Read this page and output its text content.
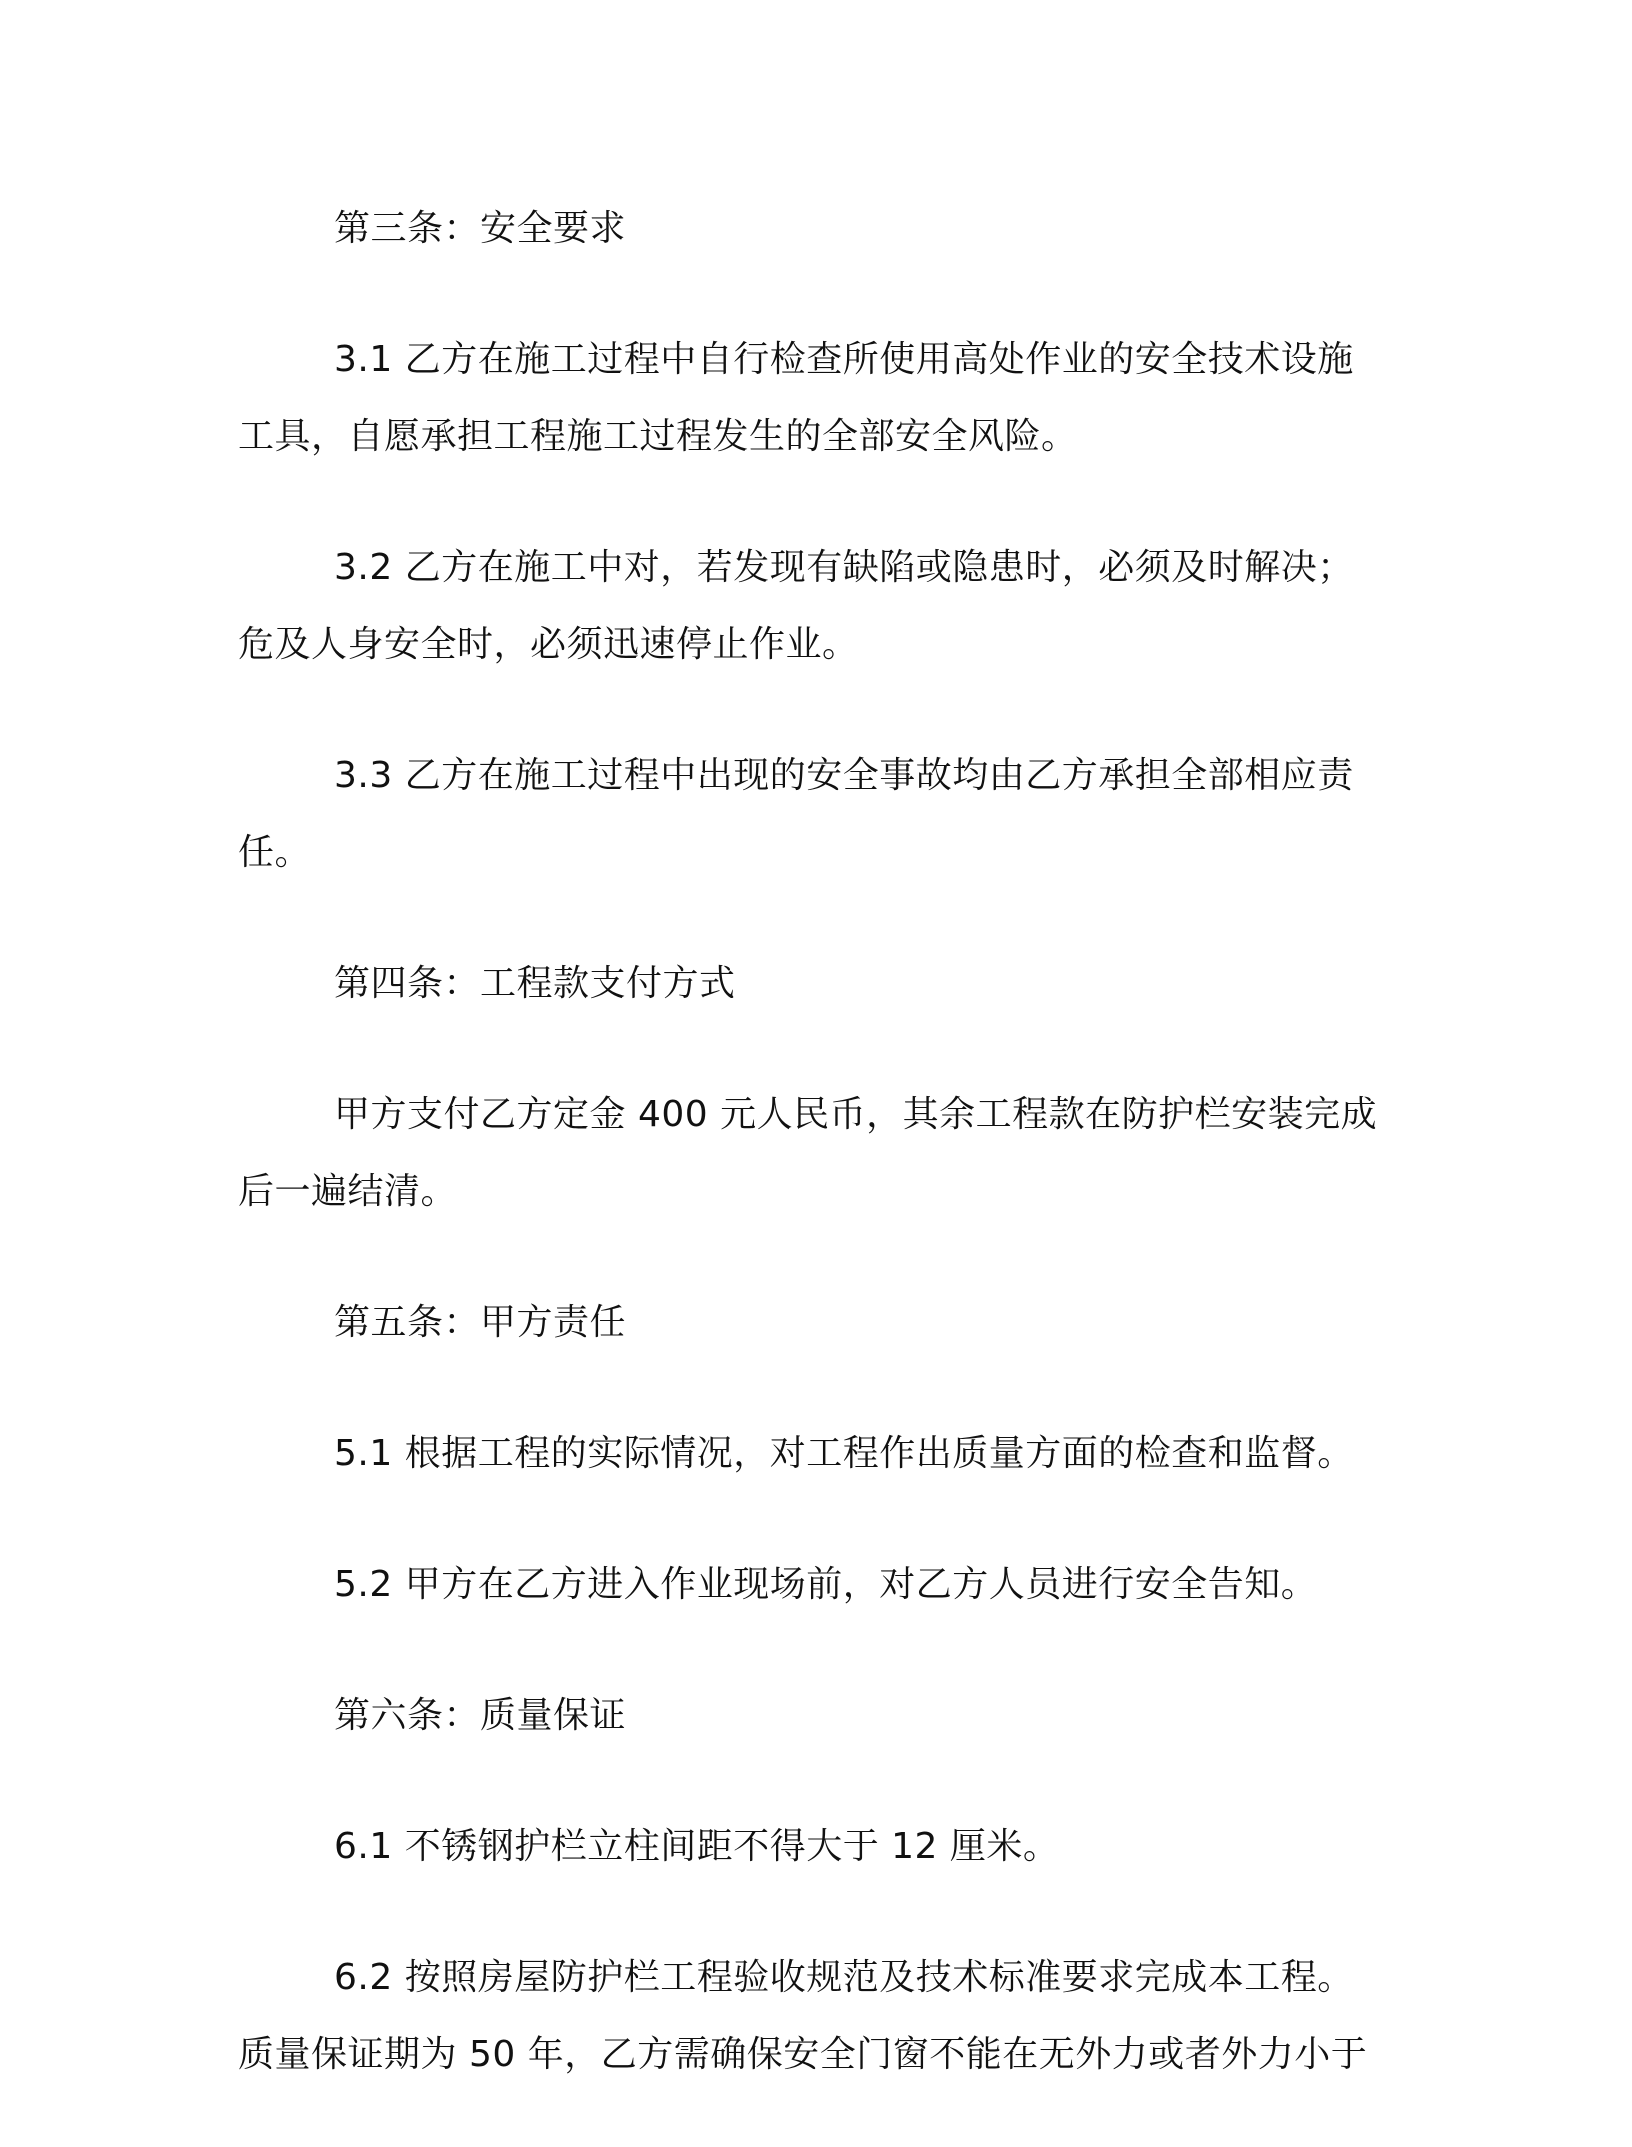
第三条：安全要求
3.1 乙方在施工过程中自行检查所使用高处作业的安全技术设施
工具，自愿承担工程施工过程发生的全部安全风险。
3.2 乙方在施工中对，若发现有缺陷或隐患时，必须及时解决；
危及人身安全时，必须迅速停止作业。
3.3 乙方在施工过程中出现的安全事故均由乙方承担全部相应责
任。
第四条：工程款支付方式
甲方支付乙方定金 400 元人民币，其余工程款在防护栏安装完成
后一遍结清。
第五条：甲方责任
5.1 根据工程的实际情况，对工程作出质量方面的检查和监督。
5.2 甲方在乙方进入作业现场前，对乙方人员进行安全告知。
第六条：质量保证
6.1 不锈钢护栏立柱间距不得大于 12 厘米。
6.2 按照房屋防护栏工程验收规范及技术标准要求完成本工程。
质量保证期为 50 年，乙方需确保安全门窗不能在无外力或者外力小于
